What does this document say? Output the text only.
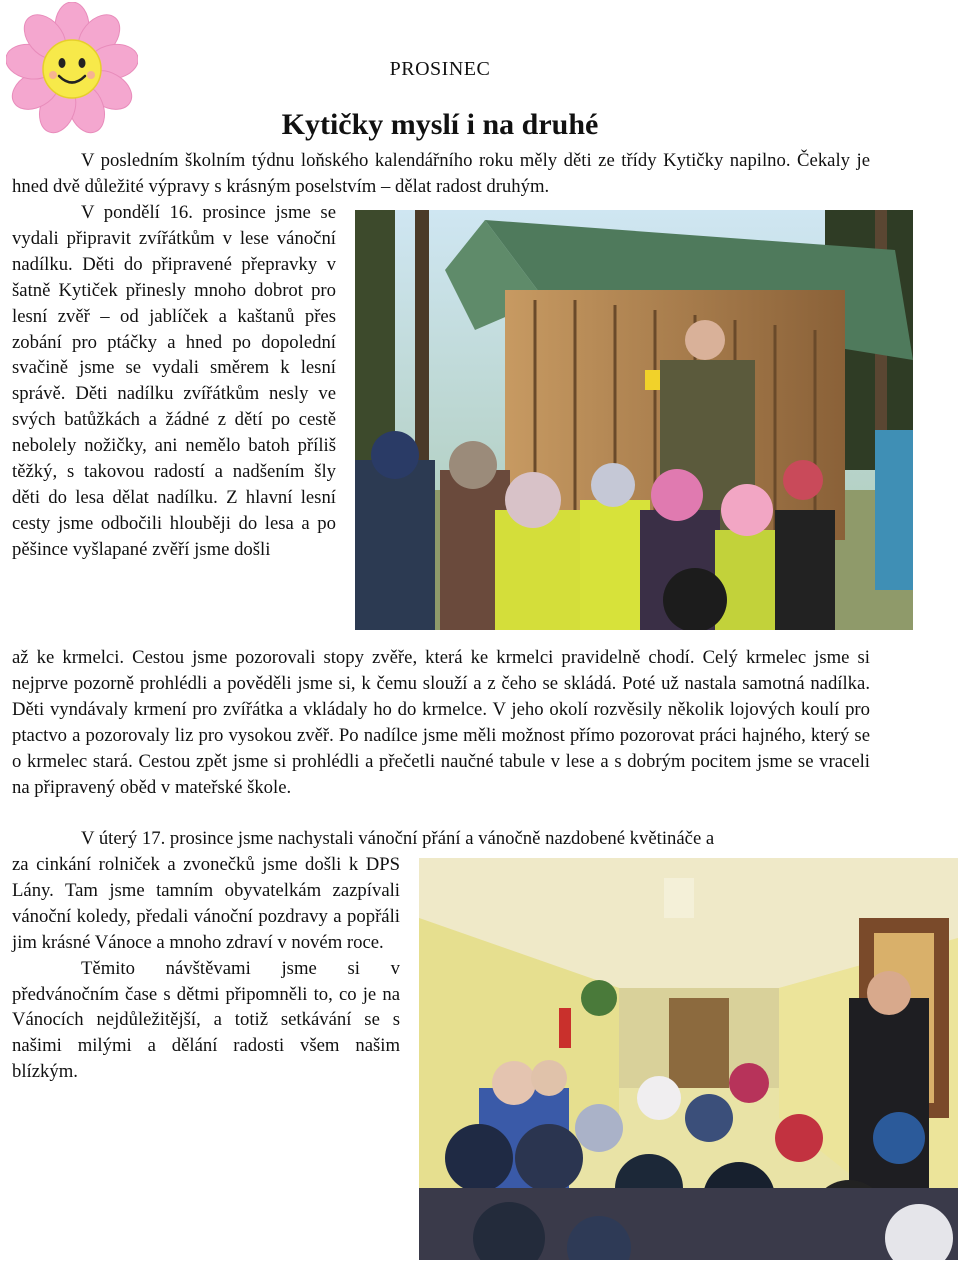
PROSINEC
Kytičky myslí i na druhé

V posledním školním týdnu loňského kalendářního roku měly děti ze třídy Kytičky napilno. Čekaly je hned dvě důležité výpravy s krásným poselstvím – dělat radost druhým.

V pondělí 16. prosince jsme se vydali připravit zvířátkům v lese vánoční nadílku. Děti do připravené přepravky v šatně Kytiček přinesly mnoho dobrot pro lesní zvěř – od jablíček a kaštanů přes zobání pro ptáčky a hned po dopolední svačině jsme se vydali směrem k lesní správě. Děti nadílku zvířátkům nesly ve svých batůžkách a žádné z dětí po cestě nebolely nožičky, ani nemělo batoh příliš těžký, s takovou radostí a nadšením šly děti do lesa dělat nadílku. Z hlavní lesní cesty jsme odbočili hlouběji do lesa a po pěšince vyšlapané zvěří jsme došli

až ke krmelci. Cestou jsme pozorovali stopy zvěře, která ke krmelci pravidelně chodí. Celý krmelec jsme si nejprve pozorně prohlédli a pověděli jsme si, k čemu slouží a z čeho se skládá. Poté už nastala samotná nadílka. Děti vyndávaly krmení pro zvířátka a vkládaly ho do krmelce. V jeho okolí rozvěsily několik lojových koulí pro ptactvo a pozorovaly liz pro vysokou zvěř. Po nadílce jsme měli možnost přímo pozorovat práci hajného, který se o krmelec stará. Cestou zpět jsme si prohlédli a přečetli naučné tabule v lese a s dobrým pocitem jsme se vraceli na připravený oběd v mateřské škole.

V úterý 17. prosince jsme nachystali vánoční přání a vánočně nazdobené květináče a

za cinkání rolniček a zvonečků jsme došli k DPS Lány. Tam jsme tamním obyvatelkám zazpívali vánoční koledy, předali vánoční pozdravy a popřáli jim krásné Vánoce a mnoho zdraví v novém roce.

Těmito návštěvami jsme si v předvánočním čase s dětmi připomněli to, co je na Vánocích nejdůležitější, a totiž setkávání se s našimi milými a dělání radosti všem našim blízkým.
